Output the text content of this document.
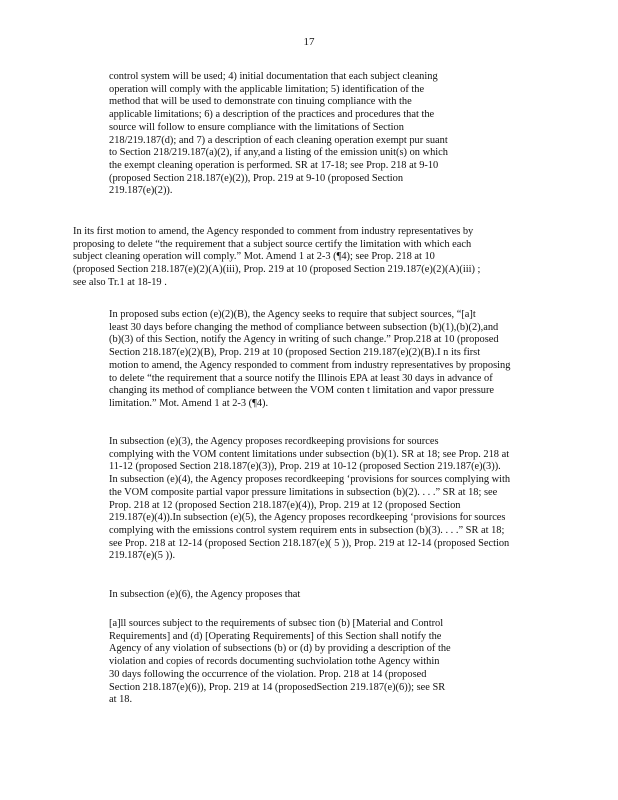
17
control system will be used; 4) initial documentation that each subject cleaning
operation will comply with the applicable limitation; 5) identification of the
method that will be used to demonstrate con tinuing compliance with the
applicable limitations; 6) a description of the practices and procedures that the
source will follow to ensure compliance with the limitations of Section
218/219.187(d); and 7) a description of each cleaning operation exempt pur suant
to Section 218/219.187(a)(2), if any,and a listing of the emission unit(s) on which
the exempt cleaning operation is performed. SR at 17-18; see Prop. 218 at 9-10
(proposed Section 218.187(e)(2)), Prop. 219 at 9-10 (proposed Section
219.187(e)(2)).
In its first motion to amend, the Agency responded to comment from industry representatives by
proposing to delete “the requirement that a subject source certify the limitation with which each
subject cleaning operation will comply.” Mot. Amend 1 at 2-3 (¶4); see Prop. 218 at 10
(proposed Section 218.187(e)(2)(A)(iii), Prop. 219 at 10 (proposed Section 219.187(e)(2)(A)(iii) ;
see also Tr.1 at 18-19 .
In proposed subs ection (e)(2)(B), the Agency seeks to require that subject sources, “[a]t
least 30 days before changing the method of compliance between subsection (b)(1),(b)(2),and
(b)(3) of this Section, notify the Agency in writing of such change.” Prop.218 at 10 (proposed
Section 218.187(e)(2)(B), Prop. 219 at 10 (proposed Section 219.187(e)(2)(B).I n its first
motion to amend, the Agency responded to comment from industry representatives by proposing
to delete “the requirement that a source notify the Illinois EPA at least 30 days in advance of
changing its method of compliance between the VOM conten t limitation and vapor pressure
limitation.” Mot. Amend 1 at 2-3 (¶4).
In subsection (e)(3), the Agency proposes recordkeeping provisions for sources
complying with the VOM content limitations under subsection (b)(1). SR at 18; see Prop. 218 at
11-12 (proposed Section 218.187(e)(3)), Prop. 219 at 10-12 (proposed Section 219.187(e)(3)).
In subsection (e)(4), the Agency proposes recordkeeping ‘provisions for sources complying with
the VOM composite partial vapor pressure limitations in subsection (b)(2). . . .” SR at 18; see
Prop. 218 at 12 (proposed Section 218.187(e)(4)), Prop. 219 at 12 (proposed Section
219.187(e)(4)).In subsection (e)(5), the Agency proposes recordkeeping ‘provisions for sources
complying with the emissions control system requirem ents in subsection (b)(3). . . .” SR at 18;
see Prop. 218 at 12-14 (proposed Section 218.187(e)( 5 )), Prop. 219 at 12-14 (proposed Section
219.187(e)(5 )).
In subsection (e)(6), the Agency proposes that
[a]ll sources subject to the requirements of subsec tion (b) [Material and Control
Requirements] and (d) [Operating Requirements] of this Section shall notify the
Agency of any violation of subsections (b) or (d) by providing a description of the
violation and copies of records documenting suchviolation tothe Agency within
30 days following the occurrence of the violation. Prop. 218 at 14 (proposed
Section 218.187(e)(6)), Prop. 219 at 14 (proposedSection 219.187(e)(6)); see SR
at 18.
